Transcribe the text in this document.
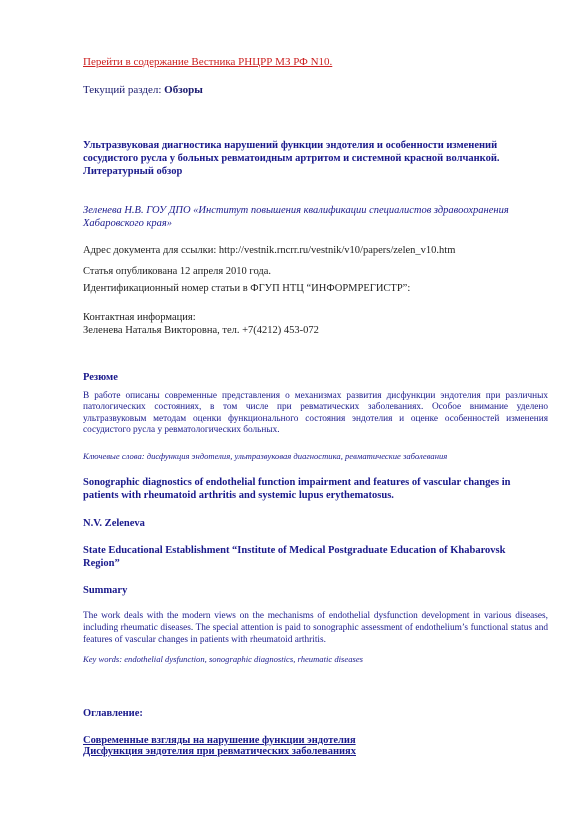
Перейти в содержание Вестника РНЦРР МЗ РФ N10.
Текущий раздел: Обзоры
Ультразвуковая диагностика нарушений функции эндотелия и особенности изменений сосудистого русла у больных ревматоидным артритом и системной красной волчанкой. Литературный обзор
Зеленева Н.В. ГОУ ДПО «Институт повышения квалификации специалистов здравоохранения Хабаровского края»
Адрес документа для ссылки: http://vestnik.rncrr.ru/vestnik/v10/papers/zelen_v10.htm
Статья опубликована 12 апреля 2010 года.
Идентификационный номер статьи в ФГУП НТЦ “ИНФОРМРЕГИСТР”:
Контактная информация:
Зеленева Наталья Викторовна, тел. +7(4212) 453-072
Резюме
В работе описаны современные представления о механизмах развития дисфункции эндотелия при различных патологических состояниях, в том числе при ревматических заболеваниях. Особое внимание уделено ультразвуковым методам оценки функционального состояния эндотелия и оценке особенностей изменения сосудистого русла у ревматологических больных.
Ключевые слова: дисфункция эндотелия, ультразвуковая диагностика, ревматические заболевания
Sonographic diagnostics of endothelial function impairment and features of vascular changes in patients with rheumatoid arthritis and systemic lupus erythematosus.
N.V. Zeleneva
State Educational Establishment “Institute of Medical Postgraduate Education of Khabarovsk Region”
Summary
The work deals with the modern views on the mechanisms of endothelial dysfunction development in various diseases, including rheumatic diseases. The special attention is paid to sonographic assessment of endothelium’s functional status and features of vascular changes in patients with rheumatoid arthritis.
Key words: endothelial dysfunction, sonographic diagnostics, rheumatic diseases
Оглавление:
Современные взгляды на нарушение функции эндотелия
Дисфункция эндотелия при ревматических заболеваниях
